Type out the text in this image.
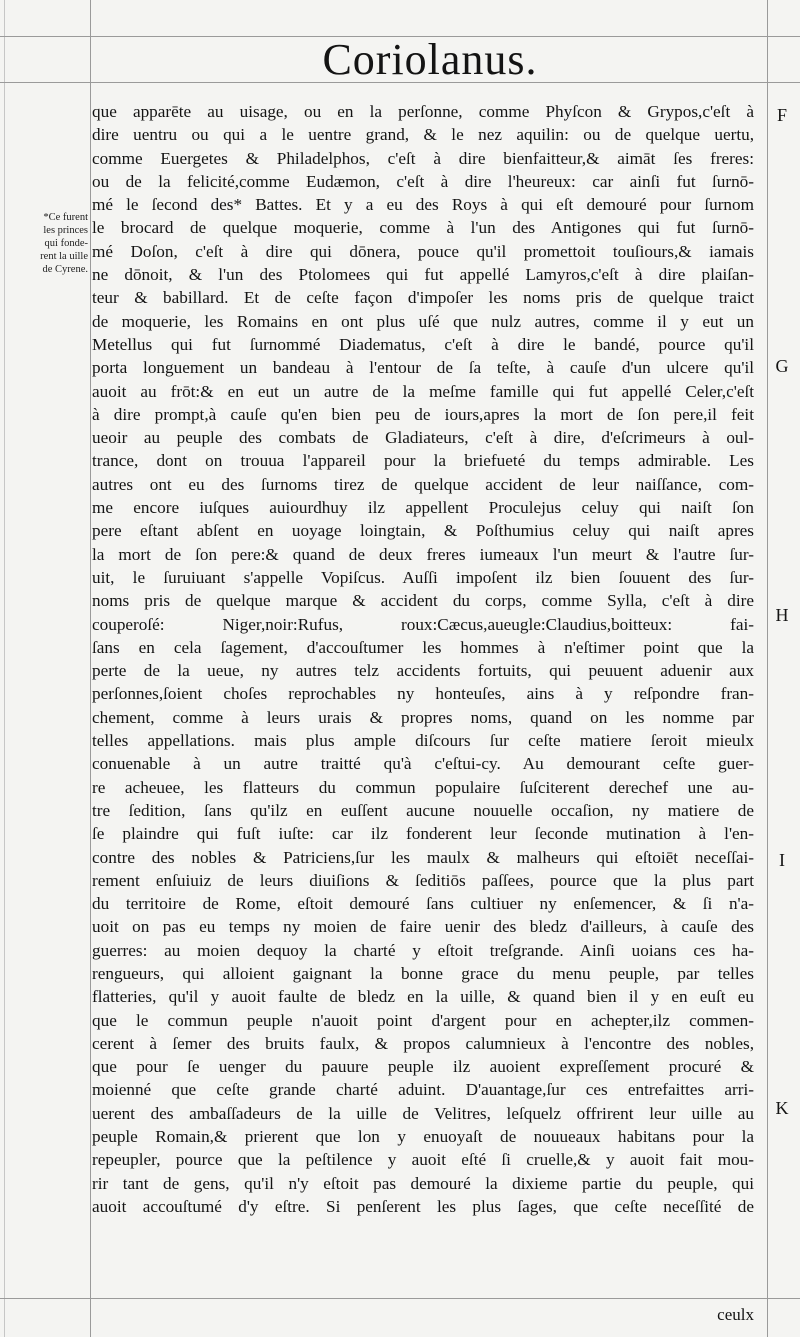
Coriolanus.
*Ce furent
les princes
qui fonde-
rent la uille
de Cyrene.
que apparēte au uisage, ou en la perſonne, comme Phyſcon & Grypos,c'eſt à
dire uentru ou qui a le uentre grand, & le nez aquilin: ou de quelque uertu,
comme Euergetes & Philadelphos, c'eſt à dire bienfaitteur,& aimāt ſes freres:
ou de la felicité,comme Eudæmon, c'eſt à dire l'heureux: car ainſi fut ſurnō-
mé le ſecond des* Battes. Et y a eu des Roys à qui eſt demouré pour ſurnom
le brocard de quelque moquerie, comme à l'un des Antigones qui fut ſurnō-
mé Doſon, c'eſt à dire qui dōnera, pouce qu'il promettoit touſiours,& iamais
ne dōnoit, & l'un des Ptolomees qui fut appellé Lamyros,c'eſt à dire plaiſan-
teur & babillard. Et de ceſte façon d'impoſer les noms pris de quelque traict
de moquerie, les Romains en ont plus uſé que nulz autres, comme il y eut un
Metellus qui fut ſurnommé Diadematus, c'eſt à dire le bandé, pource qu'il
porta longuement un bandeau à l'entour de ſa teſte, à cauſe d'un ulcere qu'il
auoit au frōt:& en eut un autre de la meſme famille qui fut appellé Celer,c'eſt
à dire prompt,à cauſe qu'en bien peu de iours,apres la mort de ſon pere,il feit
ueoir au peuple des combats de Gladiateurs, c'eſt à dire, d'eſcrimeurs à oul-
trance, dont on trouua l'appareil pour la briefueté du temps admirable. Les
autres ont eu des ſurnoms tirez de quelque accident de leur naiſſance, com-
me encore iuſques auiourdhuy ilz appellent Proculejus celuy qui naiſt ſon
pere eſtant abſent en uoyage loingtain, & Poſthumius celuy qui naiſt apres
la mort de ſon pere:& quand de deux freres iumeaux l'un meurt & l'autre ſur-
uit, le ſuruiuant s'appelle Vopiſcus. Auſſi impoſent ilz bien ſouuent des ſur-
noms pris de quelque marque & accident du corps, comme Sylla, c'eſt à dire
couperoſé: Niger,noir:Rufus, roux:Cæcus,aueugle:Claudius,boitteux: fai-
ſans en cela ſagement, d'accouſtumer les hommes à n'eſtimer point que la
perte de la ueue, ny autres telz accidents fortuits, qui peuuent aduenir aux
perſonnes,ſoient choſes reprochables ny honteuſes, ains à y reſpondre fran-
chement, comme à leurs urais & propres noms, quand on les nomme par
telles appellations. mais plus ample diſcours ſur ceſte matiere ſeroit mieulx
conuenable à un autre traitté qu'à c'eſtui-cy. Au demourant ceſte guer-
re acheuee, les flatteurs du commun populaire ſuſciterent derechef une au-
tre ſedition, ſans qu'ilz en euſſent aucune nouuelle occaſion, ny matiere de
ſe plaindre qui fuſt iuſte: car ilz fonderent leur ſeconde mutination à l'en-
contre des nobles & Patriciens,ſur les maulx & malheurs qui eſtoiēt neceſſai-
rement enſuiuiz de leurs diuiſions & ſeditiōs paſſees, pource que la plus part
du territoire de Rome, eſtoit demouré ſans cultiuer ny enſemencer, & ſi n'a-
uoit on pas eu temps ny moien de faire uenir des bledz d'ailleurs, à cauſe des
guerres: au moien dequoy la charté y eſtoit treſgrande. Ainſi uoians ces ha-
rengueurs, qui alloient gaignant la bonne grace du menu peuple, par telles
flatteries, qu'il y auoit faulte de bledz en la uille, & quand bien il y en euſt eu
que le commun peuple n'auoit point d'argent pour en achepter,ilz commen-
cerent à ſemer des bruits faulx, & propos calumnieux à l'encontre des nobles,
que pour ſe uenger du pauure peuple ilz auoient expreſſement procuré &
moienné que ceſte grande charté aduint. D'auantage,ſur ces entrefaittes arri-
uerent des ambaſſadeurs de la uille de Velitres, leſquelz offrirent leur uille au
peuple Romain,& prierent que lon y enuoyaſt de nouueaux habitans pour la
repeupler, pource que la peſtilence y auoit eſté ſi cruelle,& y auoit fait mou-
rir tant de gens, qu'il n'y eſtoit pas demouré la dixieme partie du peuple, qui
auoit accouſtumé d'y eſtre. Si penſerent les plus ſages, que ceſte neceſſité de
F
G
H
I
K
ceulx
